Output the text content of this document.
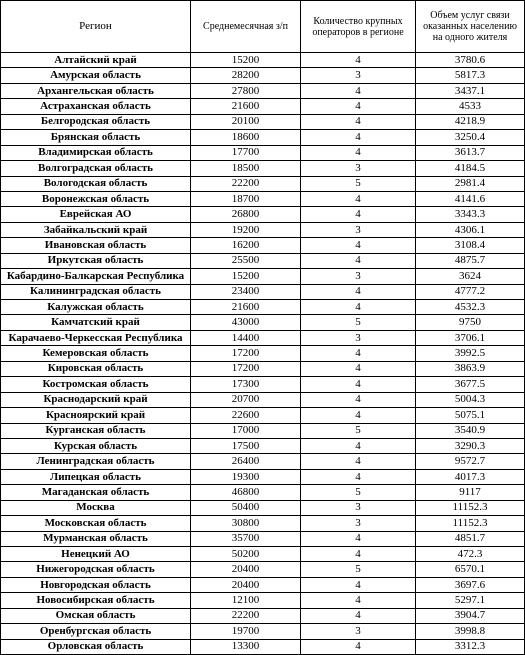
Регион	Среднемесячная з/п	Количество крупных операторов в регионе	Объем услуг связи оказанных населению на одного жителя
Алтайский край	15200	4	3780.6
Амурская область	28200	3	5817.3
Архангельская область	27800	4	3437.1
Астраханская область	21600	4	4533
Белгородская область	20100	4	4218.9
Брянская область	18600	4	3250.4
Владимирская область	17700	4	3613.7
Волгоградская область	18500	3	4184.5
Вологодская область	22200	5	2981.4
Воронежская область	18700	4	4141.6
Еврейская АО	26800	4	3343.3
Забайкальский край	19200	3	4306.1
Ивановская область	16200	4	3108.4
Иркутская область	25500	4	4875.7
Кабардино-Балкарская Республика	15200	3	3624
Калининградская область	23400	4	4777.2
Калужская область	21600	4	4532.3
Камчатский край	43000	5	9750
Карачаево-Черкесская Республика	14400	3	3706.1
Кемеровская область	17200	4	3992.5
Кировская область	17200	4	3863.9
Костромская область	17300	4	3677.5
Краснодарский край	20700	4	5004.3
Красноярский край	22600	4	5075.1
Курганская область	17000	5	3540.9
Курская область	17500	4	3290.3
Ленинградская область	26400	4	9572.7
Липецкая область	19300	4	4017.3
Магаданская область	46800	5	9117
Москва	50400	3	11152.3
Московская область	30800	3	11152.3
Мурманская область	35700	4	4851.7
Ненецкий АО	50200	4	472.3
Нижегородская область	20400	5	6570.1
Новгородская область	20400	4	3697.6
Новосибирская область	12100	4	5297.1
Омская область	22200	4	3904.7
Оренбургская область	19700	3	3998.8
Орловская область	13300	4	3312.3
